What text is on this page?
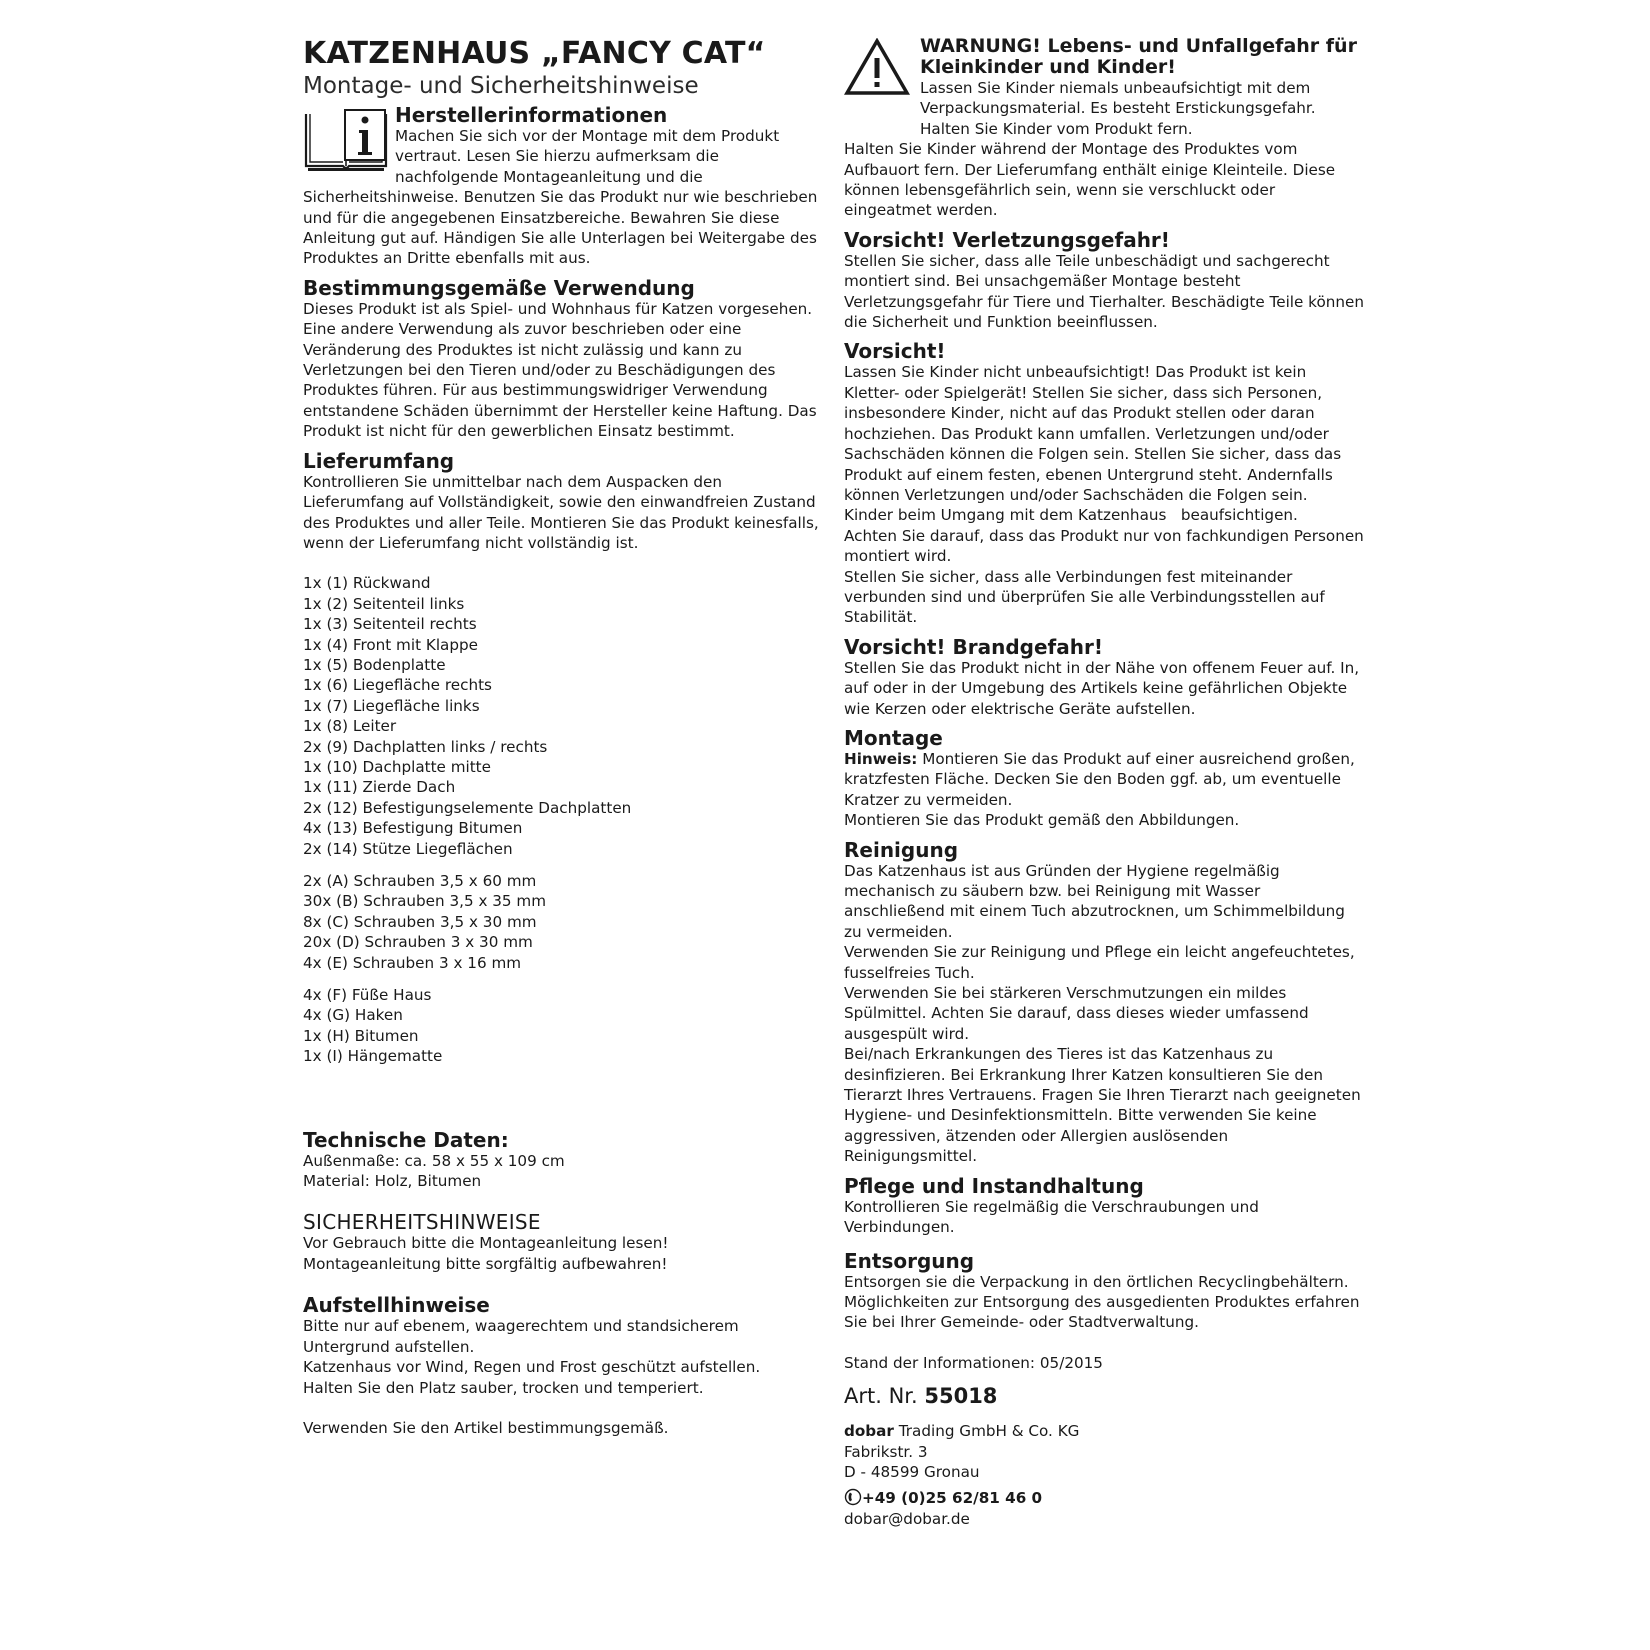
KATZENHAUS „FANCY CAT“
Montage- und Sicherheitshinweise
Herstellerinformationen

Machen Sie sich vor der Montage mit dem Produkt vertraut. Lesen Sie hierzu aufmerksam die nachfolgende Montageanleitung und die Sicherheitshinweise. Benutzen Sie das Produkt nur wie beschrieben und für die angegebenen Einsatzbereiche. Bewahren Sie diese Anleitung gut auf. Händigen Sie alle Unterlagen bei Weitergabe des Produktes an Dritte ebenfalls mit aus.

Bestimmungsgemäße Verwendung

Dieses Produkt ist als Spiel- und Wohnhaus für Katzen vorgesehen. Eine andere Verwendung als zuvor beschrieben oder eine Veränderung des Produktes ist nicht zulässig und kann zu Verletzungen bei den Tieren und/oder zu Beschädigungen des Produktes führen. Für aus bestimmungswidriger Verwendung entstandene Schäden übernimmt der Hersteller keine Haftung. Das Produkt ist nicht für den gewerblichen Einsatz bestimmt.

Lieferumfang

Kontrollieren Sie unmittelbar nach dem Auspacken den Lieferumfang auf Vollständigkeit, sowie den einwandfreien Zustand des Produktes und aller Teile. Montieren Sie das Produkt keinesfalls, wenn der Lieferumfang nicht vollständig ist.

1x (1) Rückwand

1x (2) Seitenteil links

1x (3) Seitenteil rechts

1x (4) Front mit Klappe

1x (5) Bodenplatte

1x (6) Liegefläche rechts

1x (7) Liegefläche links

1x (8) Leiter

2x (9) Dachplatten links / rechts

1x (10) Dachplatte mitte

1x (11) Zierde Dach

2x (12) Befestigungselemente Dachplatten

4x (13) Befestigung Bitumen

2x (14) Stütze Liegeflächen

2x (A) Schrauben 3,5 x 60 mm

30x (B) Schrauben 3,5 x 35 mm

8x (C) Schrauben 3,5 x 30 mm

20x (D) Schrauben 3 x 30 mm

4x (E) Schrauben 3 x 16 mm

4x (F) Füße Haus

4x (G) Haken

1x (H) Bitumen

1x (I) Hängematte

Technische Daten:

Außenmaße: ca. 58 x 55 x 109 cm

Material: Holz, Bitumen

SICHERHEITSHINWEISE

Vor Gebrauch bitte die Montageanleitung lesen!

Montageanleitung bitte sorgfältig aufbewahren!

Aufstellhinweise

Bitte nur auf ebenem, waagerechtem und standsicherem Untergrund aufstellen.

Katzenhaus vor Wind, Regen und Frost geschützt aufstellen.

Halten Sie den Platz sauber, trocken und temperiert.

Verwenden Sie den Artikel bestimmungsgemäß.

WARNUNG! Lebens- und Unfallgefahr für Kleinkinder und Kinder!

Lassen Sie Kinder niemals unbeaufsichtigt mit dem Verpackungsmaterial. Es besteht Erstickungsgefahr. Halten Sie Kinder vom Produkt fern.

Halten Sie Kinder während der Montage des Produktes vom Aufbauort fern. Der Lieferumfang enthält einige Kleinteile. Diese können lebensgefährlich sein, wenn sie verschluckt oder eingeatmet werden.

Vorsicht! Verletzungsgefahr!

Stellen Sie sicher, dass alle Teile unbeschädigt und sachgerecht montiert sind. Bei unsachgemäßer Montage besteht Verletzungsgefahr für Tiere und Tierhalter. Beschädigte Teile können die Sicherheit und Funktion beeinflussen.

Vorsicht!

Lassen Sie Kinder nicht unbeaufsichtigt! Das Produkt ist kein Kletter- oder Spielgerät! Stellen Sie sicher, dass sich Personen, insbesondere Kinder, nicht auf das Produkt stellen oder daran hochziehen. Das Produkt kann umfallen. Verletzungen und/oder Sachschäden können die Folgen sein. Stellen Sie sicher, dass das Produkt auf einem festen, ebenen Untergrund steht. Andernfalls können Verletzungen und/oder Sachschäden die Folgen sein.

Kinder beim Umgang mit dem Katzenhaus   beaufsichtigen.

Achten Sie darauf, dass das Produkt nur von fachkundigen Personen montiert wird.

Stellen Sie sicher, dass alle Verbindungen fest miteinander verbunden sind und überprüfen Sie alle Verbindungsstellen auf Stabilität.

Vorsicht! Brandgefahr!

Stellen Sie das Produkt nicht in der Nähe von offenem Feuer auf. In, auf oder in der Umgebung des Artikels keine gefährlichen Objekte wie Kerzen oder elektrische Geräte aufstellen.

Montage

Hinweis: Montieren Sie das Produkt auf einer ausreichend großen, kratzfesten Fläche. Decken Sie den Boden ggf. ab, um eventuelle Kratzer zu vermeiden.

Montieren Sie das Produkt gemäß den Abbildungen.

Reinigung

Das Katzenhaus ist aus Gründen der Hygiene regelmäßig mechanisch zu säubern bzw. bei Reinigung mit Wasser anschließend mit einem Tuch abzutrocknen, um Schimmelbildung zu vermeiden.

Verwenden Sie zur Reinigung und Pflege ein leicht angefeuchtetes, fusselfreies Tuch.

Verwenden Sie bei stärkeren Verschmutzungen ein mildes Spülmittel. Achten Sie darauf, dass dieses wieder umfassend ausgespült wird.

Bei/nach Erkrankungen des Tieres ist das Katzenhaus zu desinfizieren. Bei Erkrankung Ihrer Katzen konsultieren Sie den Tierarzt Ihres Vertrauens. Fragen Sie Ihren Tierarzt nach geeigneten Hygiene- und Desinfektionsmitteln. Bitte verwenden Sie keine aggressiven, ätzenden oder Allergien auslösenden Reinigungsmittel.

Pflege und Instandhaltung

Kontrollieren Sie regelmäßig die Verschraubungen und Verbindungen.

Entsorgung

Entsorgen sie die Verpackung in den örtlichen Recyclingbehältern.

Möglichkeiten zur Entsorgung des ausgedienten Produktes erfahren Sie bei Ihrer Gemeinde- oder Stadtverwaltung.

Stand der Informationen: 05/2015

Art. Nr. 55018

dobar Trading GmbH & Co. KG

Fabrikstr. 3

D - 48599 Gronau

+49 (0)25 62/81 46 0

dobar@dobar.de
